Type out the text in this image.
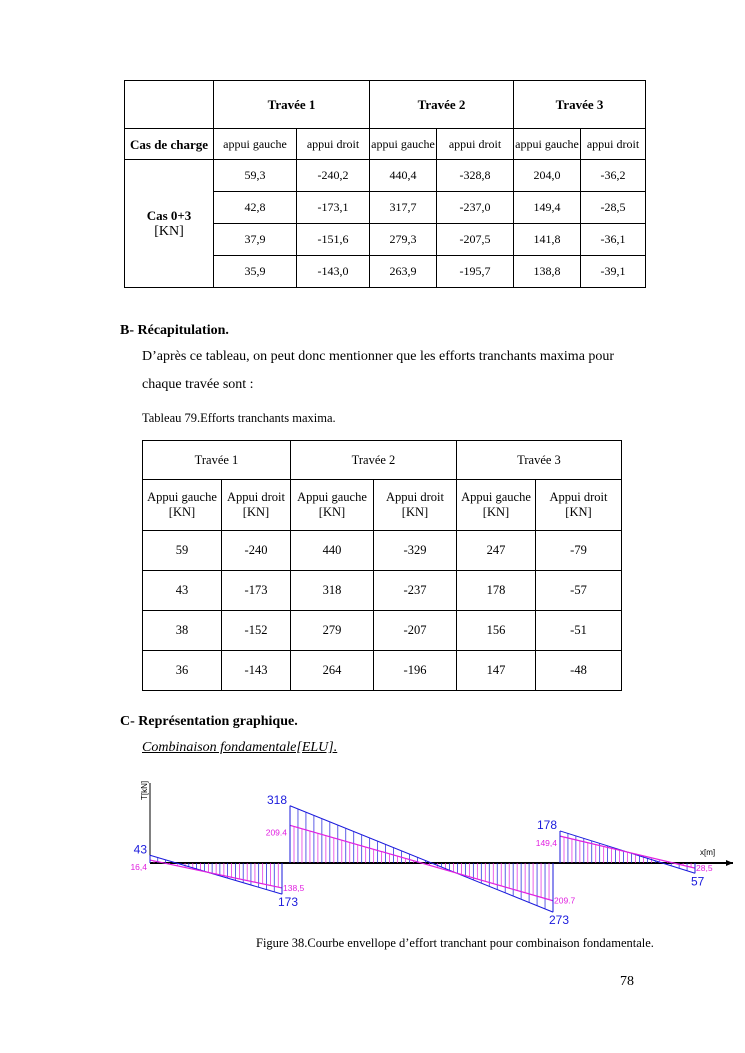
	Travée 1		Travée 2		Travée 3	
Cas de charge	appui gauche	appui droit	appui gauche	appui droit	appui gauche	appui droit

Cas 0+3
[KN]	59,3	-240,2	440,4	-328,8	204,0	-36,2
	42,8	-173,1	317,7	-237,0	149,4	-28,5
	37,9	-151,6	279,3	-207,5	141,8	-36,1
	35,9	-143,0	263,9	-195,7	138,8	-39,1
B- Récapitulation.
D’après ce tableau, on peut donc mentionner que les efforts tranchants maxima pour
chaque travée sont :
Tableau 79.Efforts tranchants maxima.
Travée 1		Travée 2		Travée 3	
Appui gauche [KN]	Appui droit [KN]	Appui gauche [KN]	Appui droit [KN]	Appui gauche [KN]	Appui droit [KN]
59	-240	440	-329	247	-79
43	-173	318	-237	178	-57
38	-152	279	-207	156	-51
36	-143	264	-196	147	-48
C- Représentation graphique.
Combinaison fondamentale[ELU].
T[kN]
x[m]
43
16,4
173
138,5
318
209.4
273
209.7
178
149,4
57
28,5
Figure 38.Courbe envellope d’effort tranchant pour combinaison fondamentale.
78
